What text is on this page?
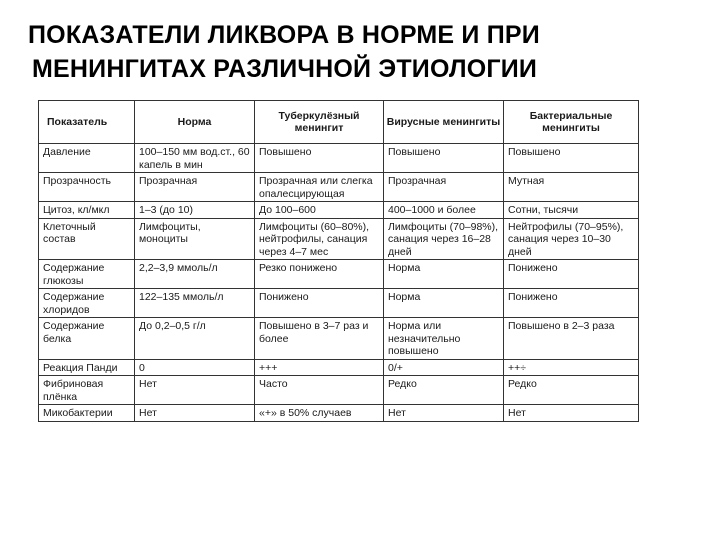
ПОКАЗАТЕЛИ ЛИКВОРА В НОРМЕ И ПРИ
МЕНИНГИТАХ РАЗЛИЧНОЙ ЭТИОЛОГИИ
Показатель	Норма	Туберкулёзный менингит	Вирусные менингиты	Бактериальные менингиты
Давление	100–150 мм вод.ст., 60 капель в мин	Повышено	Повышено	Повышено
Прозрачность	Прозрачная	Прозрачная или слегка опалесцирующая	Прозрачная	Мутная
Цитоз, кл/мкл	1–3 (до 10)	До 100–600	400–1000 и более	Сотни, тысячи
Клеточный состав	Лимфоциты, моноциты	Лимфоциты (60–80%), нейтрофилы, санация через 4–7 мес	Лимфоциты (70–98%), санация через 16–28 дней	Нейтрофилы (70–95%), санация через 10–30 дней
Содержание глюкозы	2,2–3,9 ммоль/л	Резко понижено	Норма	Понижено
Содержание хлоридов	122–135 ммоль/л	Понижено	Норма	Понижено
Содержание белка	До 0,2–0,5 г/л	Повышено в 3–7 раз и более	Норма или незначительно повышено	Повышено в 2–3 раза
Реакция Панди	0	+++	0/+	++÷
Фибриновая плёнка	Нет	Часто	Редко	Редко
Микобактерии	Нет	«+» в 50% случаев	Нет	Нет
